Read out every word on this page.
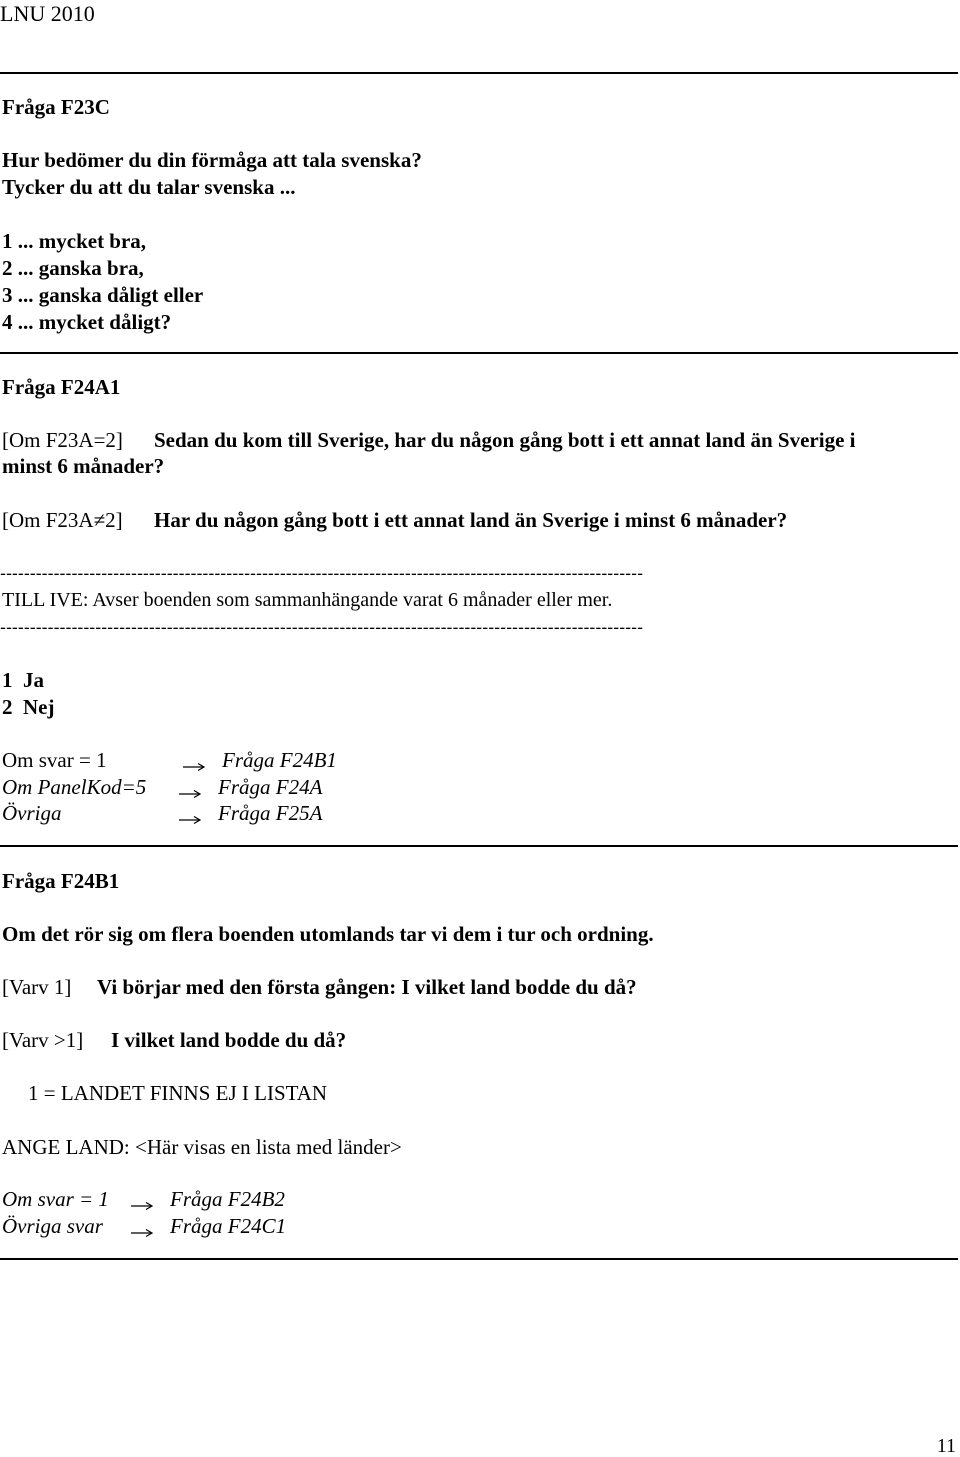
LNU 2010
Fråga F23C
Hur bedömer du din förmåga att tala svenska?
Tycker du att du talar svenska ...
1 ... mycket bra,
2 ... ganska bra,
3 ... ganska dåligt eller
4 ... mycket dåligt?
Fråga F24A1
[Om F23A=2] Sedan du kom till Sverige, har du någon gång bott i ett annat land än Sverige i
minst 6 månader?
[Om F23A≠2] Har du någon gång bott i ett annat land än Sverige i minst 6 månader?
------------------------------------------------------------------------------------------------------------
TILL IVE: Avser boenden som sammanhängande varat 6 månader eller mer.
------------------------------------------------------------------------------------------------------------
1  Ja
2  Nej
Om svar = 1	Fråga F24B1
Om PanelKod=5	Fråga F24A
Övriga	Fråga F25A
Fråga F24B1
Om det rör sig om flera boenden utomlands tar vi dem i tur och ordning.
[Varv 1] Vi börjar med den första gången: I vilket land bodde du då?
[Varv >1] I vilket land bodde du då?
1 = LANDET FINNS EJ I LISTAN
ANGE LAND: <Här visas en lista med länder>
Om svar = 1	Fråga F24B2
Övriga svar	Fråga F24C1
11
